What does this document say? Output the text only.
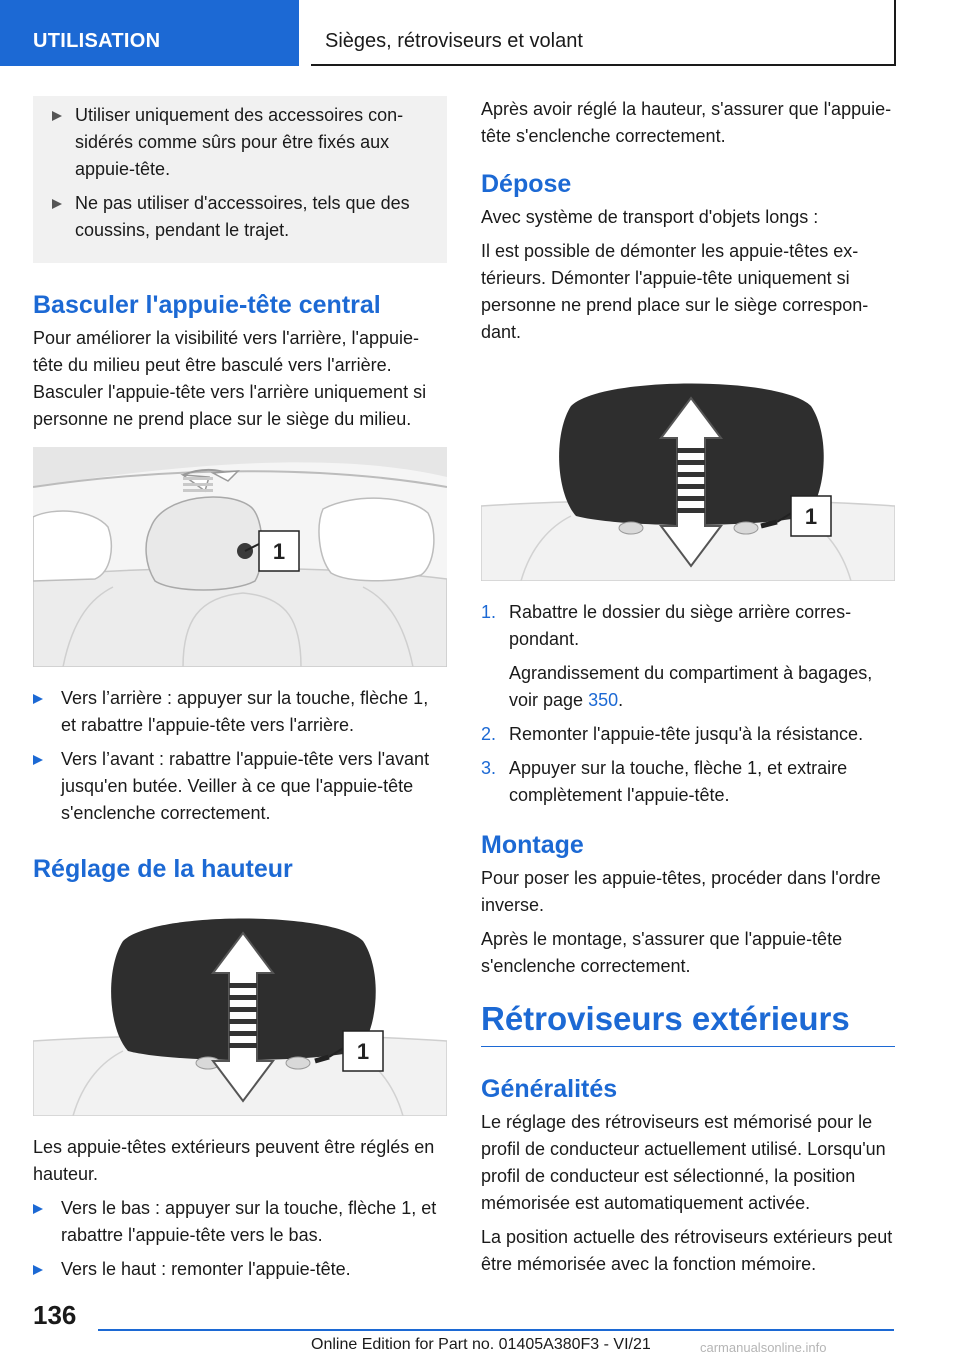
UTILISATION	Sièges, rétroviseurs et volant
Utiliser uniquement des accessoires considérés comme sûrs pour être fixés aux appuie-tête.
Ne pas utiliser d'accessoires, tels que des coussins, pendant le trajet.
Basculer l'appuie-tête central
Pour améliorer la visibilité vers l'arrière, l'appuie-tête du milieu peut être basculé vers l'arrière. Basculer l'appuie-tête vers l'arrière uniquement si personne ne prend place sur le siège du milieu.
1
Vers l’arrière : appuyer sur la touche, flèche 1, et rabattre l'appuie-tête vers l'arrière.
Vers l’avant : rabattre l'appuie-tête vers l'avant jusqu'en butée. Veiller à ce que l'appuie-tête s'enclenche correctement.
Réglage de la hauteur
1
Les appuie-têtes extérieurs peuvent être réglés en hauteur.
Vers le bas : appuyer sur la touche, flèche 1, et rabattre l'appuie-tête vers le bas.
Vers le haut : remonter l'appuie-tête.
Après avoir réglé la hauteur, s'assurer que l'appuie-tête s'enclenche correctement.
Dépose
Avec système de transport d'objets longs :
Il est possible de démonter les appuie-têtes extérieurs. Démonter l'appuie-tête uniquement si personne ne prend place sur le siège correspondant.
1
1. Rabattre le dossier du siège arrière correspondant.
Agrandissement du compartiment à bagages, voir page 350.
2. Remonter l'appuie-tête jusqu'à la résistance.
3. Appuyer sur la touche, flèche 1, et extraire complètement l'appuie-tête.
Montage
Pour poser les appuie-têtes, procéder dans l'ordre inverse.
Après le montage, s'assurer que l'appuie-tête s'enclenche correctement.
Rétroviseurs extérieurs
Généralités
Le réglage des rétroviseurs est mémorisé pour le profil de conducteur actuellement utilisé. Lorsqu'un profil de conducteur est sélectionné, la position mémorisée est automatiquement activée.
La position actuelle des rétroviseurs extérieurs peut être mémorisée avec la fonction mémoire.
136
Online Edition for Part no. 01405A380F3 - VI/21	carmanualsonline.info
